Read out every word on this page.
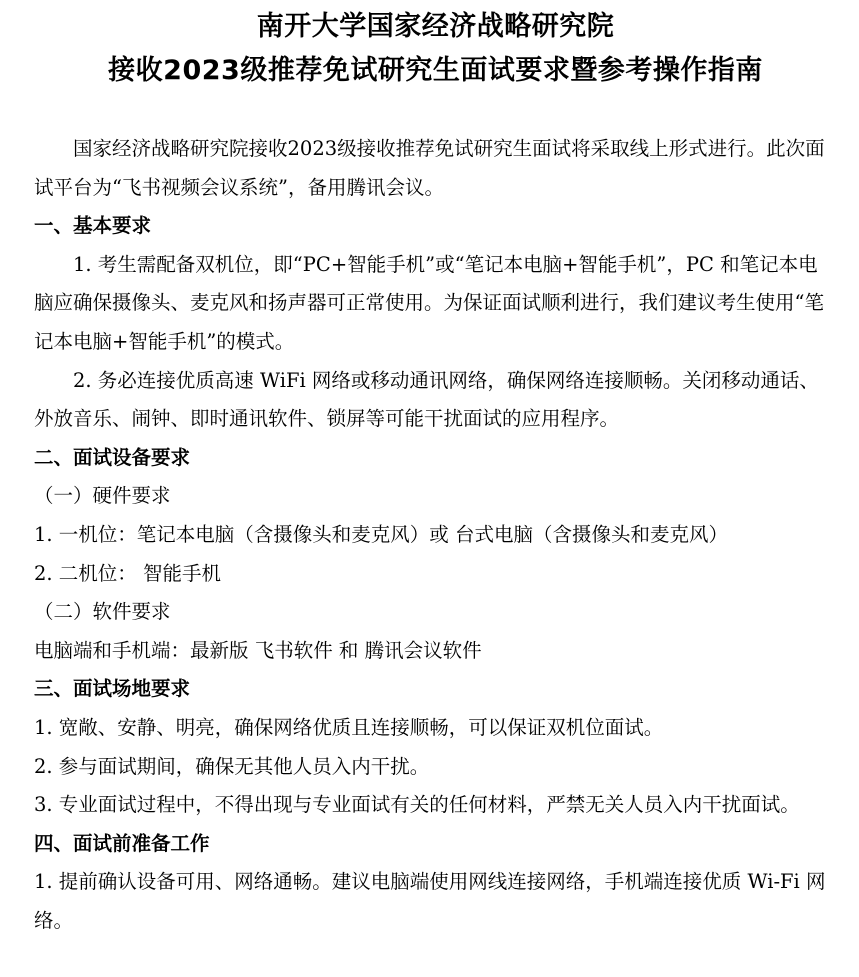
南开大学国家经济战略研究院
接收2023级推荐免试研究生面试要求暨参考操作指南

国家经济战略研究院接收2023级接收推荐免试研究生面试将采取线上形式进行。此次面试平台为“飞书视频会议系统”，备用腾讯会议。

一、基本要求

1. 考生需配备双机位，即“PC+智能手机”或“笔记本电脑+智能手机”，PC 和笔记本电脑应确保摄像头、麦克风和扬声器可正常使用。为保证面试顺利进行，我们建议考生使用“笔记本电脑+智能手机”的模式。

2. 务必连接优质高速 WiFi 网络或移动通讯网络，确保网络连接顺畅。关闭移动通话、外放音乐、闹钟、即时通讯软件、锁屏等可能干扰面试的应用程序。

二、面试设备要求

（一）硬件要求

1. 一机位：笔记本电脑（含摄像头和麦克风）或 台式电脑（含摄像头和麦克风）

2. 二机位： 智能手机

（二）软件要求

电脑端和手机端：最新版 飞书软件 和 腾讯会议软件

三、面试场地要求

1. 宽敞、安静、明亮，确保网络优质且连接顺畅，可以保证双机位面试。

2. 参与面试期间，确保无其他人员入内干扰。

3. 专业面试过程中，不得出现与专业面试有关的任何材料，严禁无关人员入内干扰面试。

四、面试前准备工作

1. 提前确认设备可用、网络通畅。建议电脑端使用网线连接网络，手机端连接优质 Wi-Fi 网络。
